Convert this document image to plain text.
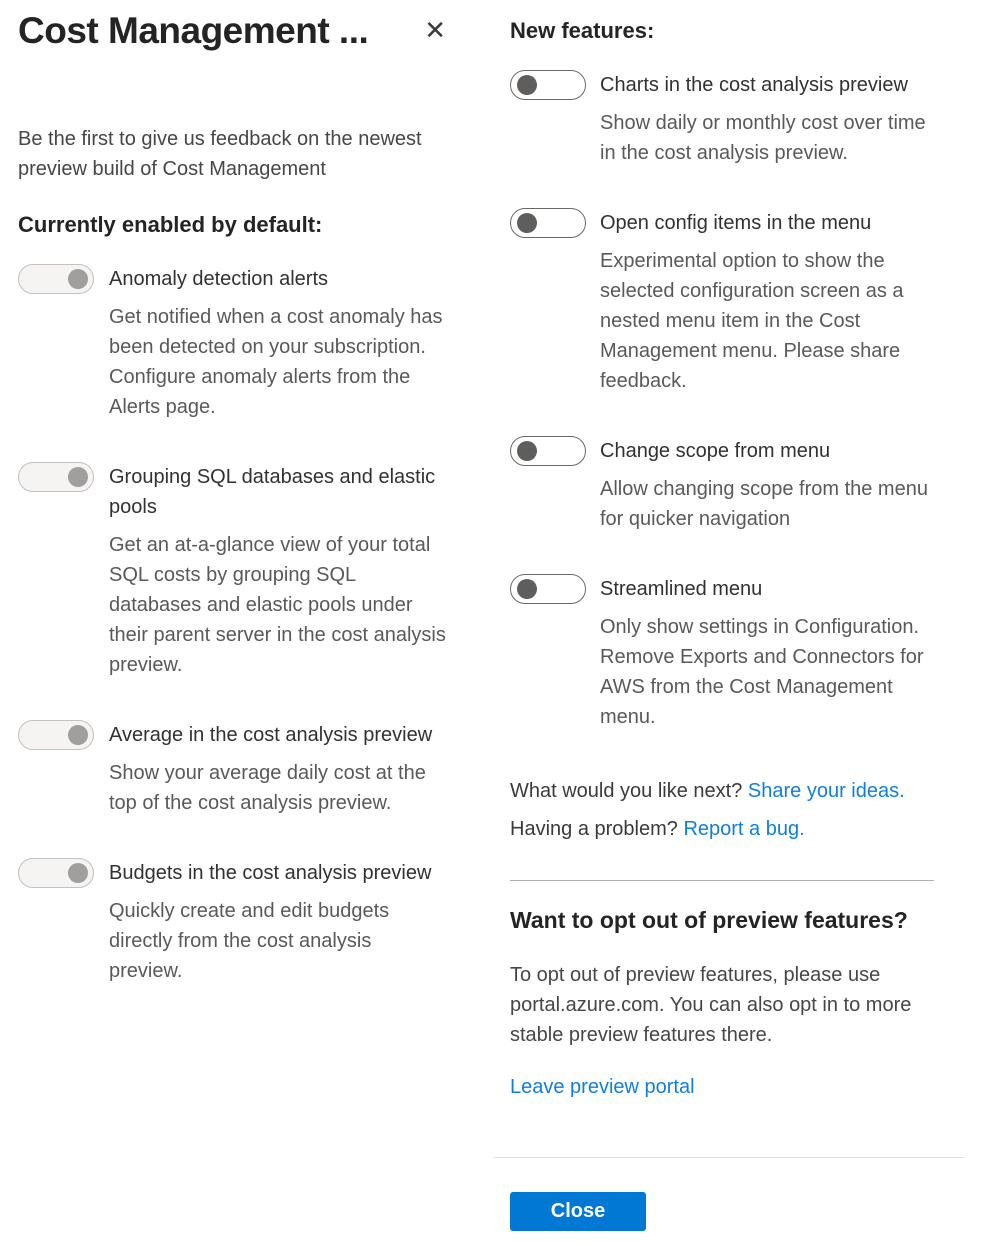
Cost Management ... ✕

Be the first to give us feedback on the newest preview build of Cost Management

Currently enabled by default:
Anomaly detection alerts
Get notified when a cost anomaly has been detected on your subscription. Configure anomaly alerts from the Alerts page.
Grouping SQL databases and elastic pools
Get an at-a-glance view of your total SQL costs by grouping SQL databases and elastic pools under their parent server in the cost analysis preview.
Average in the cost analysis preview
Show your average daily cost at the top of the cost analysis preview.
Budgets in the cost analysis preview
Quickly create and edit budgets directly from the cost analysis preview.
New features:
Charts in the cost analysis preview
Show daily or monthly cost over time in the cost analysis preview.
Open config items in the menu
Experimental option to show the selected configuration screen as a nested menu item in the Cost Management menu. Please share feedback.
Change scope from menu
Allow changing scope from the menu for quicker navigation
Streamlined menu
Only show settings in Configuration. Remove Exports and Connectors for AWS from the Cost Management menu.

What would you like next? Share your ideas.

Having a problem? Report a bug.

Want to opt out of preview features?

To opt out of preview features, please use portal.azure.com. You can also opt in to more stable preview features there.

Leave preview portal
Close
